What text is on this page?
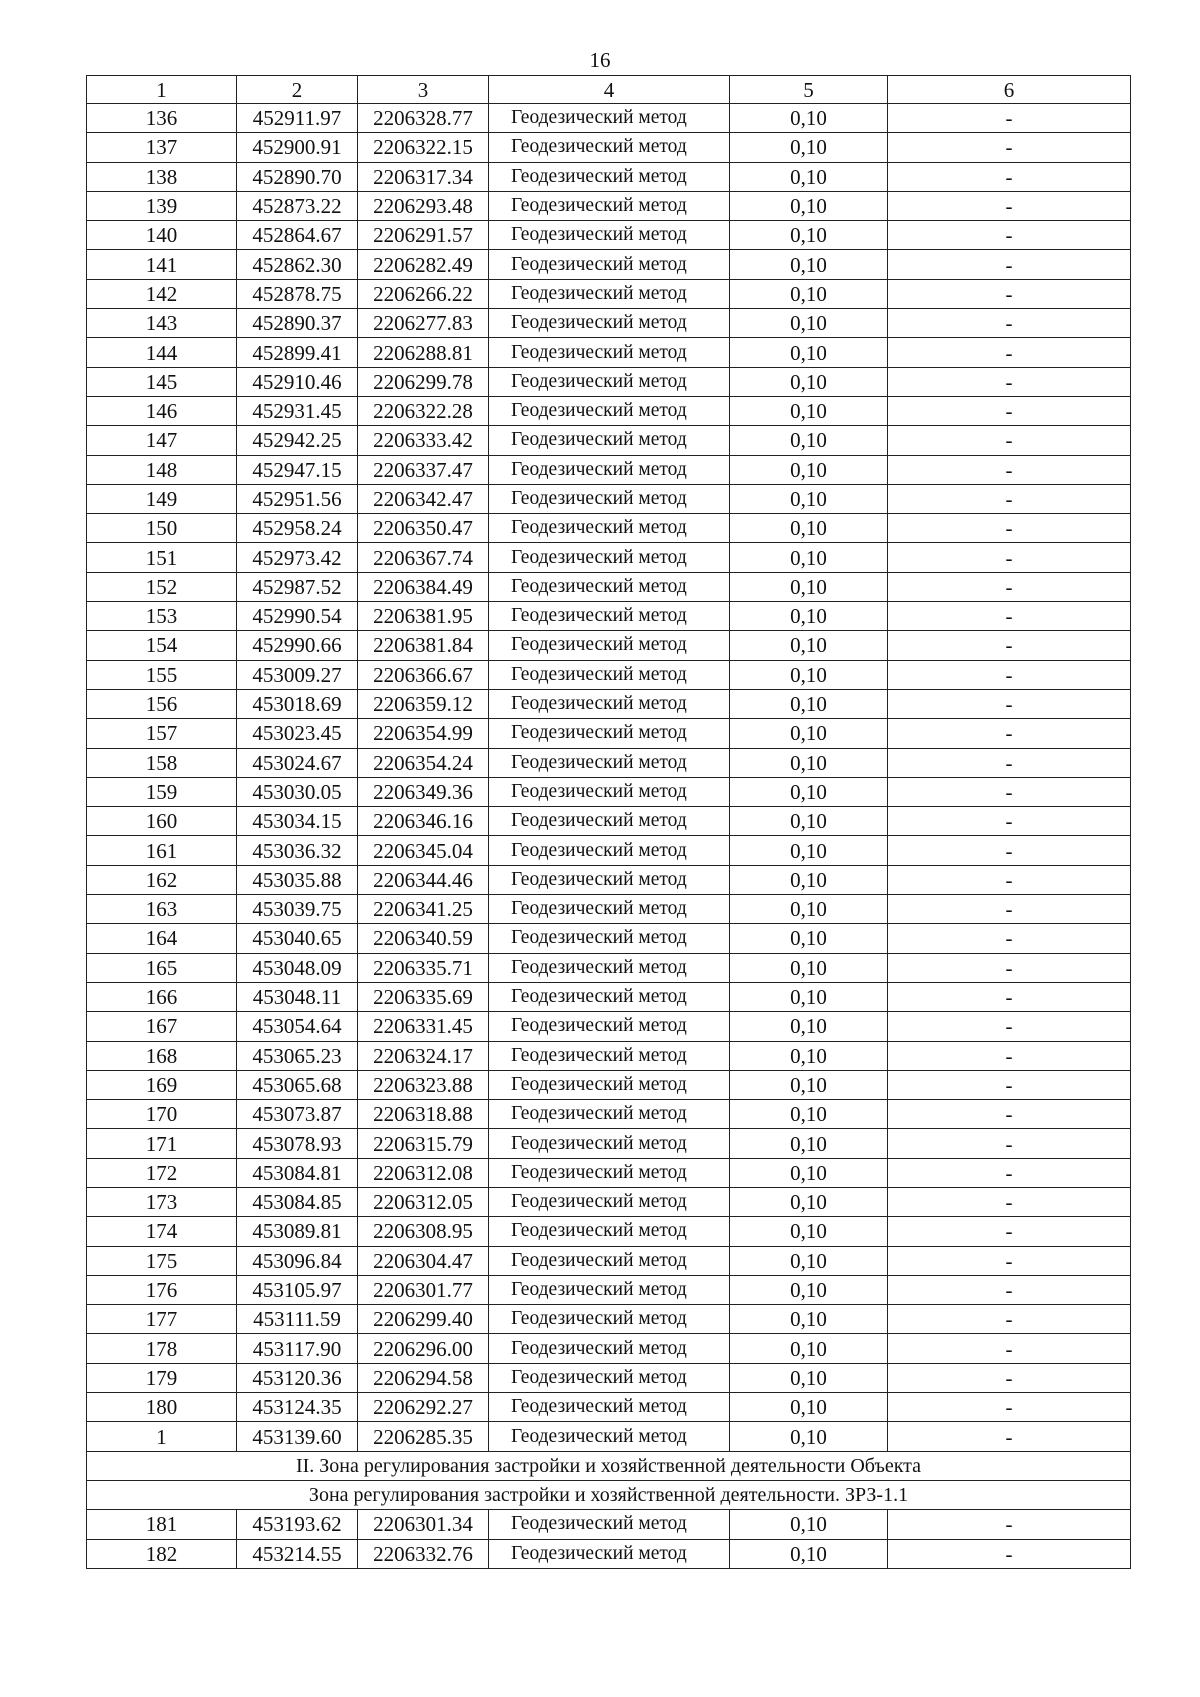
16
1	2	3	4	5	6
136	452911.97	2206328.77	Геодезический метод	0,10	-
137	452900.91	2206322.15	Геодезический метод	0,10	-
138	452890.70	2206317.34	Геодезический метод	0,10	-
139	452873.22	2206293.48	Геодезический метод	0,10	-
140	452864.67	2206291.57	Геодезический метод	0,10	-
141	452862.30	2206282.49	Геодезический метод	0,10	-
142	452878.75	2206266.22	Геодезический метод	0,10	-
143	452890.37	2206277.83	Геодезический метод	0,10	-
144	452899.41	2206288.81	Геодезический метод	0,10	-
145	452910.46	2206299.78	Геодезический метод	0,10	-
146	452931.45	2206322.28	Геодезический метод	0,10	-
147	452942.25	2206333.42	Геодезический метод	0,10	-
148	452947.15	2206337.47	Геодезический метод	0,10	-
149	452951.56	2206342.47	Геодезический метод	0,10	-
150	452958.24	2206350.47	Геодезический метод	0,10	-
151	452973.42	2206367.74	Геодезический метод	0,10	-
152	452987.52	2206384.49	Геодезический метод	0,10	-
153	452990.54	2206381.95	Геодезический метод	0,10	-
154	452990.66	2206381.84	Геодезический метод	0,10	-
155	453009.27	2206366.67	Геодезический метод	0,10	-
156	453018.69	2206359.12	Геодезический метод	0,10	-
157	453023.45	2206354.99	Геодезический метод	0,10	-
158	453024.67	2206354.24	Геодезический метод	0,10	-
159	453030.05	2206349.36	Геодезический метод	0,10	-
160	453034.15	2206346.16	Геодезический метод	0,10	-
161	453036.32	2206345.04	Геодезический метод	0,10	-
162	453035.88	2206344.46	Геодезический метод	0,10	-
163	453039.75	2206341.25	Геодезический метод	0,10	-
164	453040.65	2206340.59	Геодезический метод	0,10	-
165	453048.09	2206335.71	Геодезический метод	0,10	-
166	453048.11	2206335.69	Геодезический метод	0,10	-
167	453054.64	2206331.45	Геодезический метод	0,10	-
168	453065.23	2206324.17	Геодезический метод	0,10	-
169	453065.68	2206323.88	Геодезический метод	0,10	-
170	453073.87	2206318.88	Геодезический метод	0,10	-
171	453078.93	2206315.79	Геодезический метод	0,10	-
172	453084.81	2206312.08	Геодезический метод	0,10	-
173	453084.85	2206312.05	Геодезический метод	0,10	-
174	453089.81	2206308.95	Геодезический метод	0,10	-
175	453096.84	2206304.47	Геодезический метод	0,10	-
176	453105.97	2206301.77	Геодезический метод	0,10	-
177	453111.59	2206299.40	Геодезический метод	0,10	-
178	453117.90	2206296.00	Геодезический метод	0,10	-
179	453120.36	2206294.58	Геодезический метод	0,10	-
180	453124.35	2206292.27	Геодезический метод	0,10	-
1	453139.60	2206285.35	Геодезический метод	0,10	-
II. Зона регулирования застройки и хозяйственной деятельности Объекта					
Зона регулирования застройки и хозяйственной деятельности. ЗРЗ-1.1					
181	453193.62	2206301.34	Геодезический метод	0,10	-
182	453214.55	2206332.76	Геодезический метод	0,10	-
